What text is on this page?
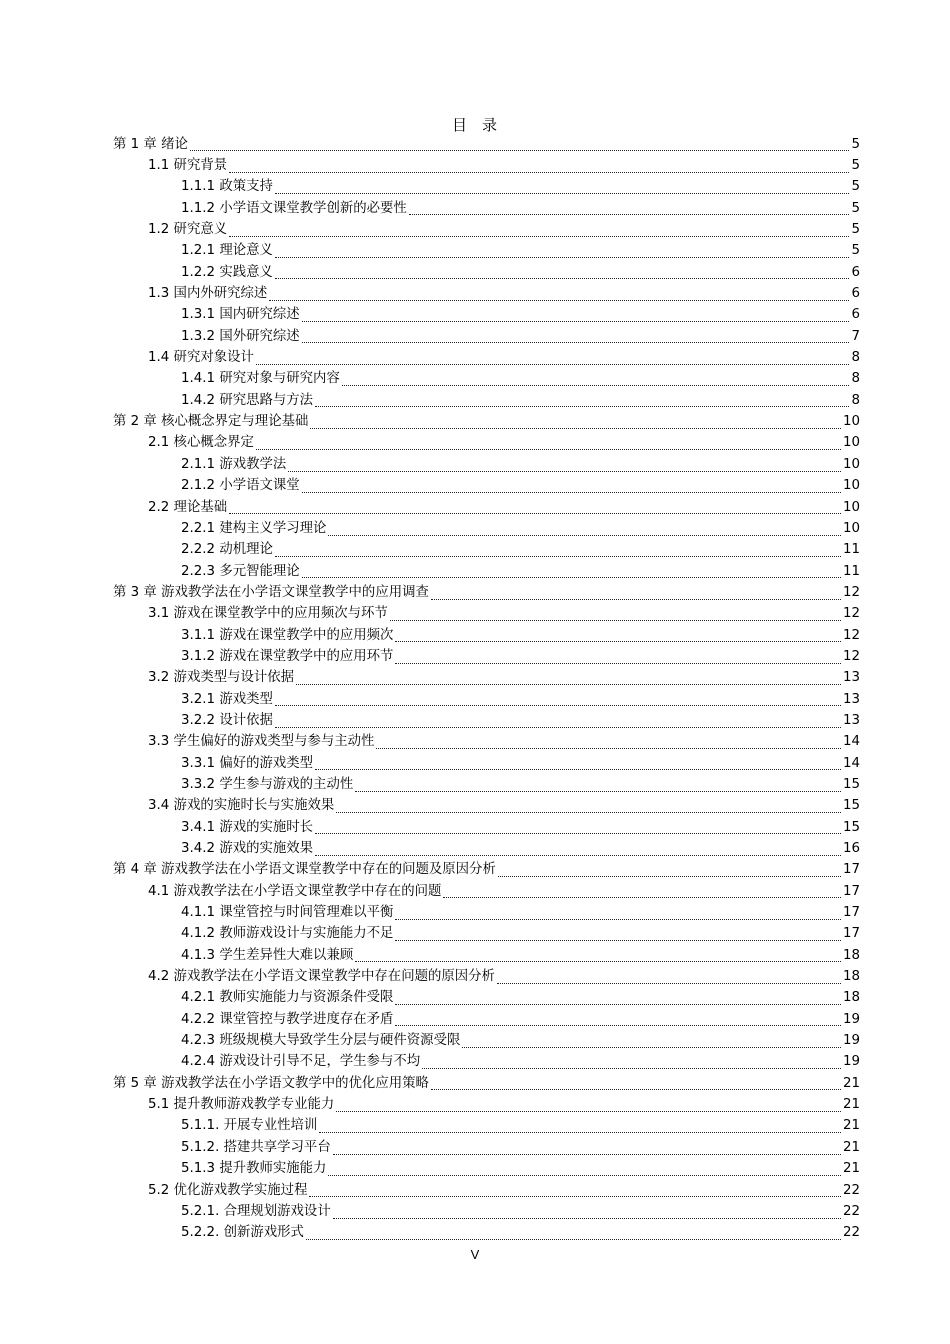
目 录
第 1 章 绪论	5
1.1 研究背景	5
1.1.1 政策支持	5
1.1.2 小学语文课堂教学创新的必要性	5
1.2 研究意义	5
1.2.1 理论意义	5
1.2.2 实践意义	6
1.3 国内外研究综述	6
1.3.1 国内研究综述	6
1.3.2 国外研究综述	7
1.4 研究对象设计	8
1.4.1 研究对象与研究内容	8
1.4.2 研究思路与方法	8
第 2 章 核心概念界定与理论基础	10
2.1 核心概念界定	10
2.1.1 游戏教学法	10
2.1.2 小学语文课堂	10
2.2 理论基础	10
2.2.1 建构主义学习理论	10
2.2.2 动机理论	11
2.2.3 多元智能理论	11
第 3 章 游戏教学法在小学语文课堂教学中的应用调查	12
3.1 游戏在课堂教学中的应用频次与环节	12
3.1.1 游戏在课堂教学中的应用频次	12
3.1.2 游戏在课堂教学中的应用环节	12
3.2 游戏类型与设计依据	13
3.2.1 游戏类型	13
3.2.2 设计依据	13
3.3 学生偏好的游戏类型与参与主动性	14
3.3.1 偏好的游戏类型	14
3.3.2 学生参与游戏的主动性	15
3.4 游戏的实施时长与实施效果	15
3.4.1 游戏的实施时长	15
3.4.2 游戏的实施效果	16
第 4 章 游戏教学法在小学语文课堂教学中存在的问题及原因分析	17
4.1 游戏教学法在小学语文课堂教学中存在的问题	17
4.1.1 课堂管控与时间管理难以平衡	17
4.1.2 教师游戏设计与实施能力不足	17
4.1.3 学生差异性大难以兼顾	18
4.2 游戏教学法在小学语文课堂教学中存在问题的原因分析	18
4.2.1 教师实施能力与资源条件受限	18
4.2.2 课堂管控与教学进度存在矛盾	19
4.2.3 班级规模大导致学生分层与硬件资源受限	19
4.2.4 游戏设计引导不足，学生参与不均	19
第 5 章 游戏教学法在小学语文教学中的优化应用策略	21
5.1 提升教师游戏教学专业能力	21
5.1.1. 开展专业性培训	21
5.1.2. 搭建共享学习平台	21
5.1.3 提升教师实施能力	21
5.2 优化游戏教学实施过程	22
5.2.1. 合理规划游戏设计	22
5.2.2. 创新游戏形式	22
V
